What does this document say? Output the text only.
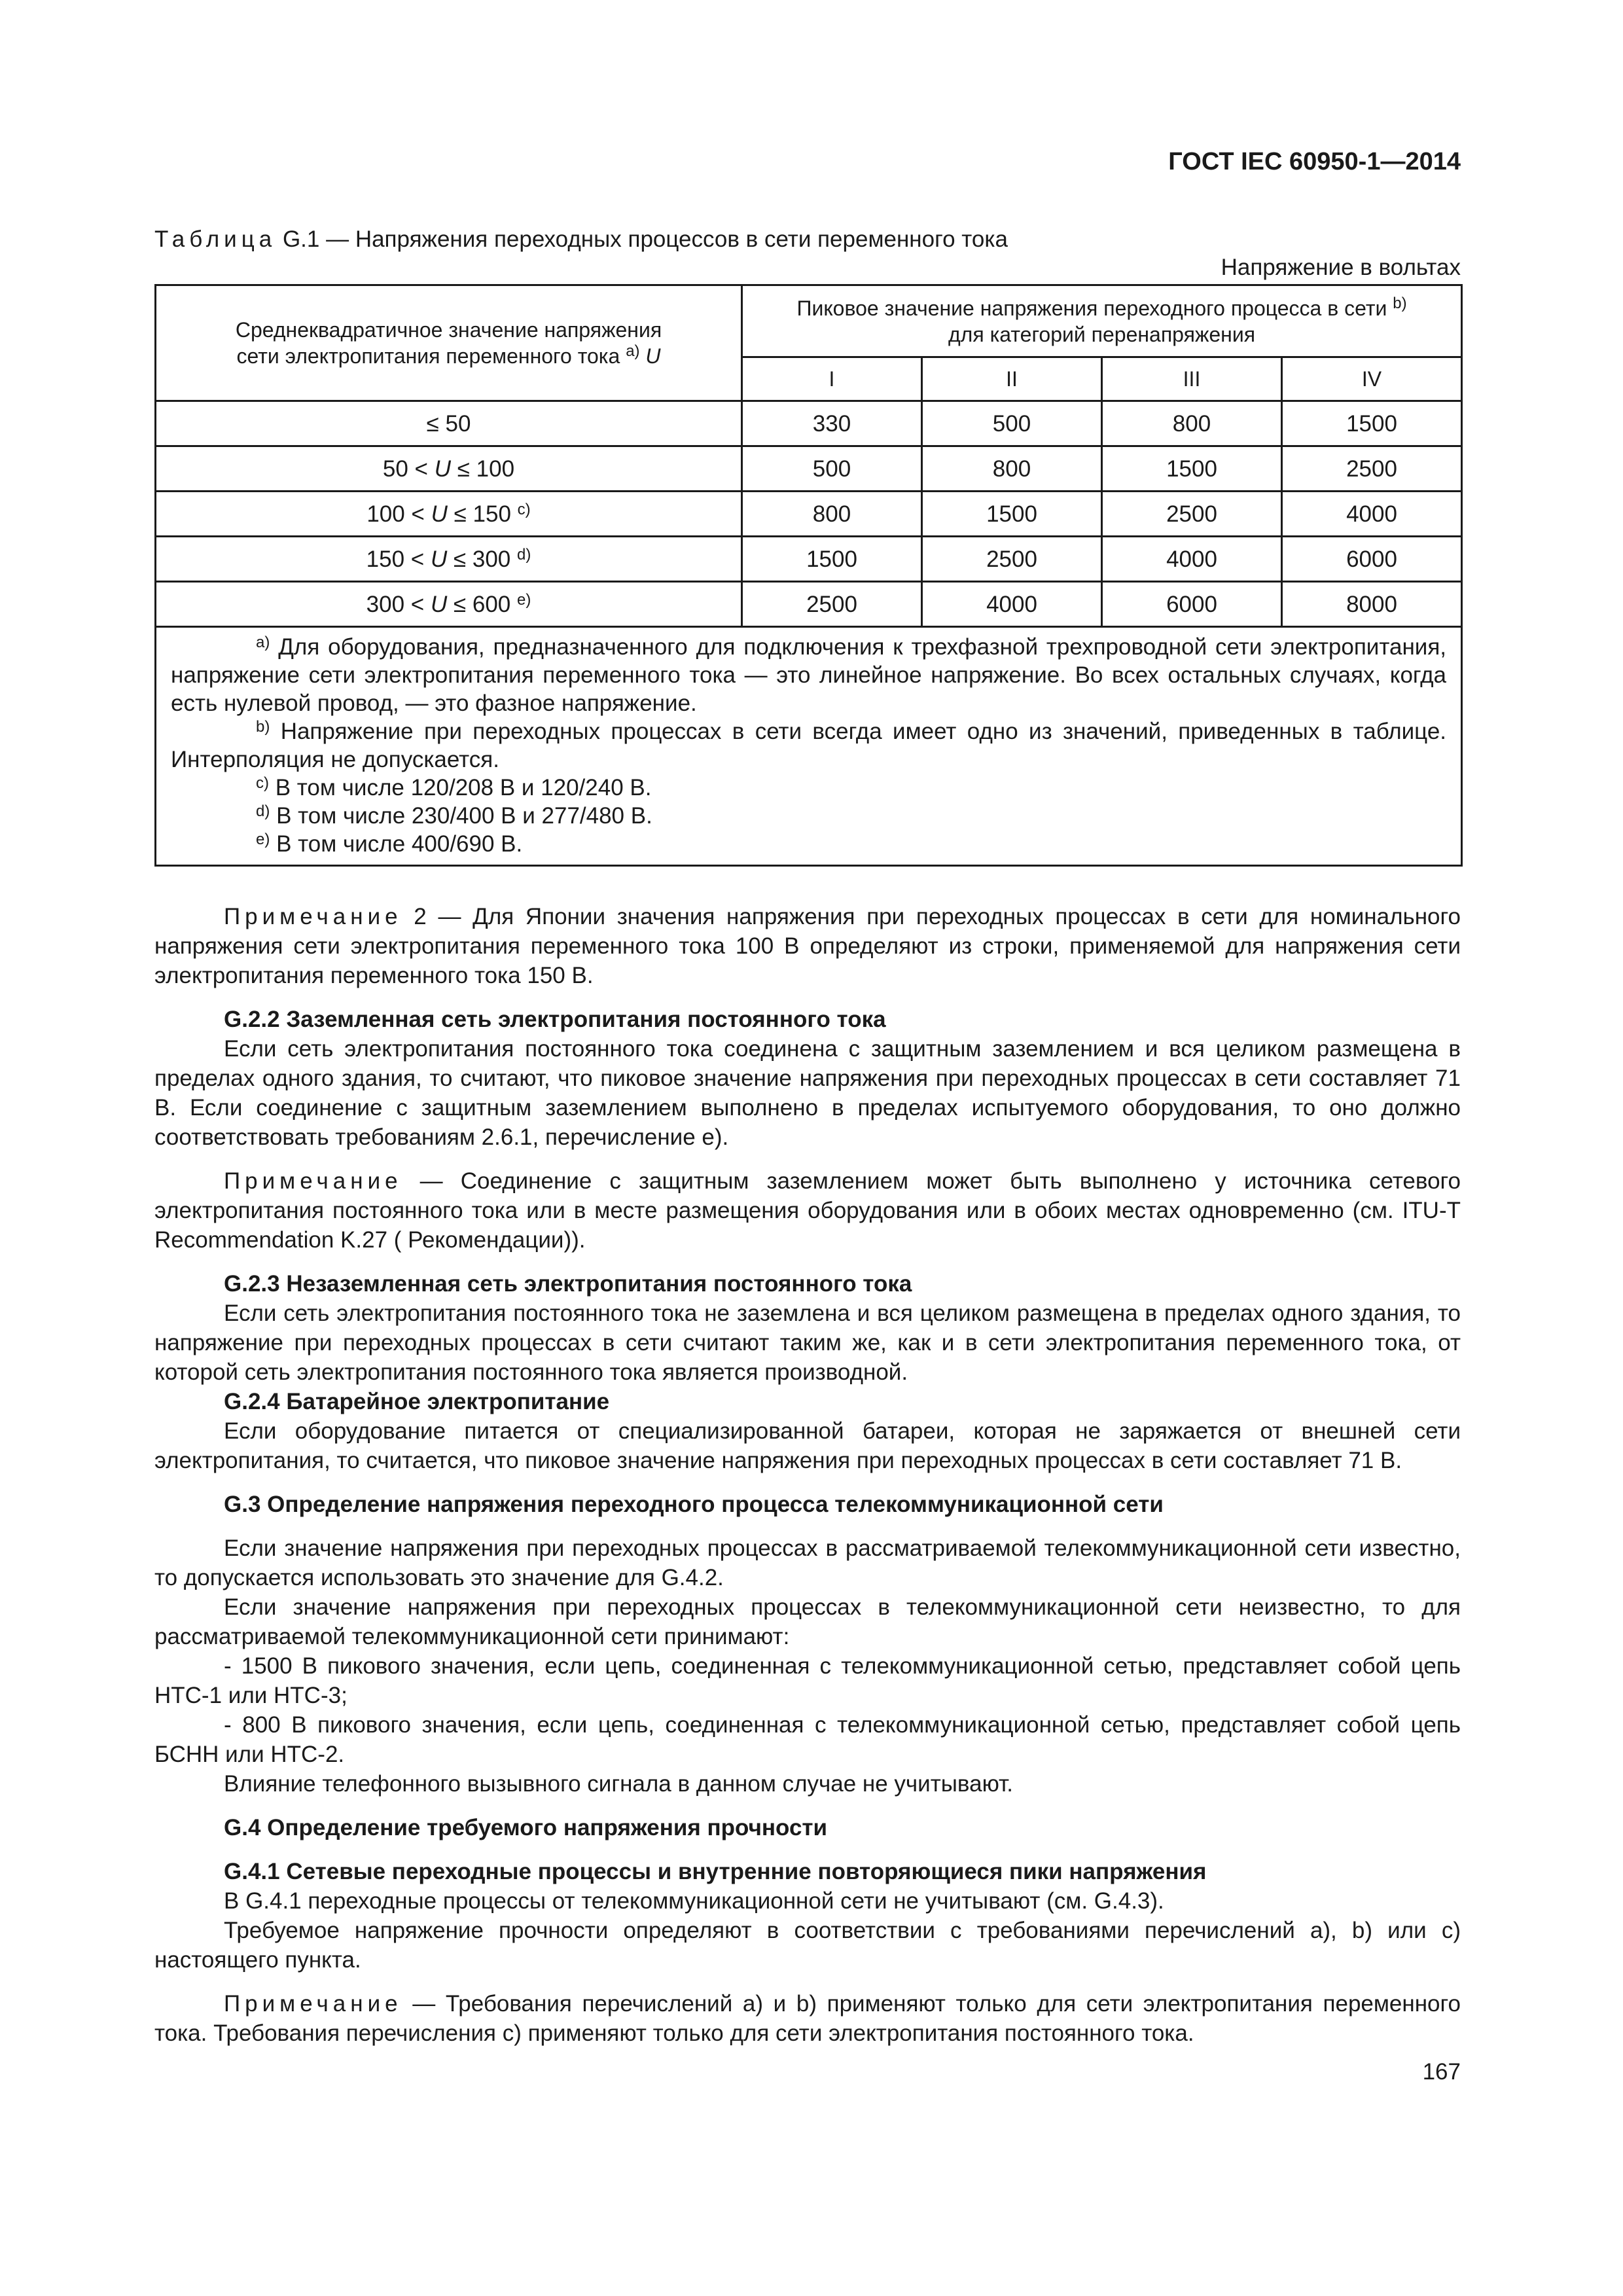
ГОСТ IEC 60950-1—2014
Таблица G.1 — Напряжения переходных процессов в сети переменного тока
Напряжение в вольтах
Среднеквадратичное значение напряжения
сети электропитания переменного тока $^{a)}$ U	Пиковое значение напряжения переходного процесса в сети $^{b)}$
для категорий перенапряжения			
	I	II	III	IV
≤ 50	330	500	800	1500
50 < U ≤ 100	500	800	1500	2500
100 < U ≤ 150 $^{c)}$	800	1500	2500	4000
150 < U ≤ 300 $^{d)}$	1500	2500	4000	6000
300 < U ≤ 600 $^{e)}$	2500	4000	6000	8000

$^{a)}$ Для оборудования, предназначенного для подключения к трехфазной трехпроводной сети электропитания, напряжение сети электропитания переменного тока — это линейное напряжение. Во всех остальных случаях, когда есть нулевой провод, — это фазное напряжение.
$^{b)}$ Напряжение при переходных процессах в сети всегда имеет одно из значений, приведенных в таблице. Интерполяция не допускается.
$^{c)}$ В том числе 120/208 В и 120/240 В.
$^{d)}$ В том числе 230/400 В и 277/480 В.
$^{e)}$ В том числе 400/690 В.				
Примечание 2 — Для Японии значения напряжения при переходных процессах в сети для номинального напряжения сети электропитания переменного тока 100 В определяют из строки, применяемой для напряжения сети электропитания переменного тока 150 В.
G.2.2 Заземленная сеть электропитания постоянного тока
Если сеть электропитания постоянного тока соединена с защитным заземлением и вся целиком размещена в пределах одного здания, то считают, что пиковое значение напряжения при переходных процессах в сети составляет 71 В. Если соединение с защитным заземлением выполнено в пределах испытуемого оборудования, то оно должно соответствовать требованиям 2.6.1, перечисление е).
Примечание — Соединение с защитным заземлением может быть выполнено у источника сетевого электропитания постоянного тока или в месте размещения оборудования или в обоих местах одновременно (см. ITU-T Recommendation K.27 ( Рекомендации)).
G.2.3 Незаземленная сеть электропитания постоянного тока
Если сеть электропитания постоянного тока не заземлена и вся целиком размещена в пределах одного здания, то напряжение при переходных процессах в сети считают таким же, как и в сети электропитания переменного тока, от которой сеть электропитания постоянного тока является производной.
G.2.4 Батарейное электропитание
Если оборудование питается от специализированной батареи, которая не заряжается от внешней сети электропитания, то считается, что пиковое значение напряжения при переходных процессах в сети составляет 71 В.
G.3 Определение напряжения переходного процесса телекоммуникационной сети
Если значение напряжения при переходных процессах в рассматриваемой телекоммуникационной сети известно, то допускается использовать это значение для G.4.2.
Если значение напряжения при переходных процессах в телекоммуникационной сети неизвестно, то для рассматриваемой телекоммуникационной сети принимают:
- 1500 В пикового значения, если цепь, соединенная с телекоммуникационной сетью, представляет собой цепь НТС-1 или НТС-3;
- 800 В пикового значения, если цепь, соединенная с телекоммуникационной сетью, представляет собой цепь БСНН или НТС-2.
Влияние телефонного вызывного сигнала в данном случае не учитывают.
G.4 Определение требуемого напряжения прочности
G.4.1 Сетевые переходные процессы и внутренние повторяющиеся пики напряжения
В G.4.1 переходные процессы от телекоммуникационной сети не учитывают (см. G.4.3).
Требуемое напряжение прочности определяют в соответствии с требованиями перечислений а), b) или с) настоящего пункта.
Примечание — Требования перечислений а) и b) применяют только для сети электропитания переменного тока. Требования перечисления с) применяют только для сети электропитания постоянного тока.
167
